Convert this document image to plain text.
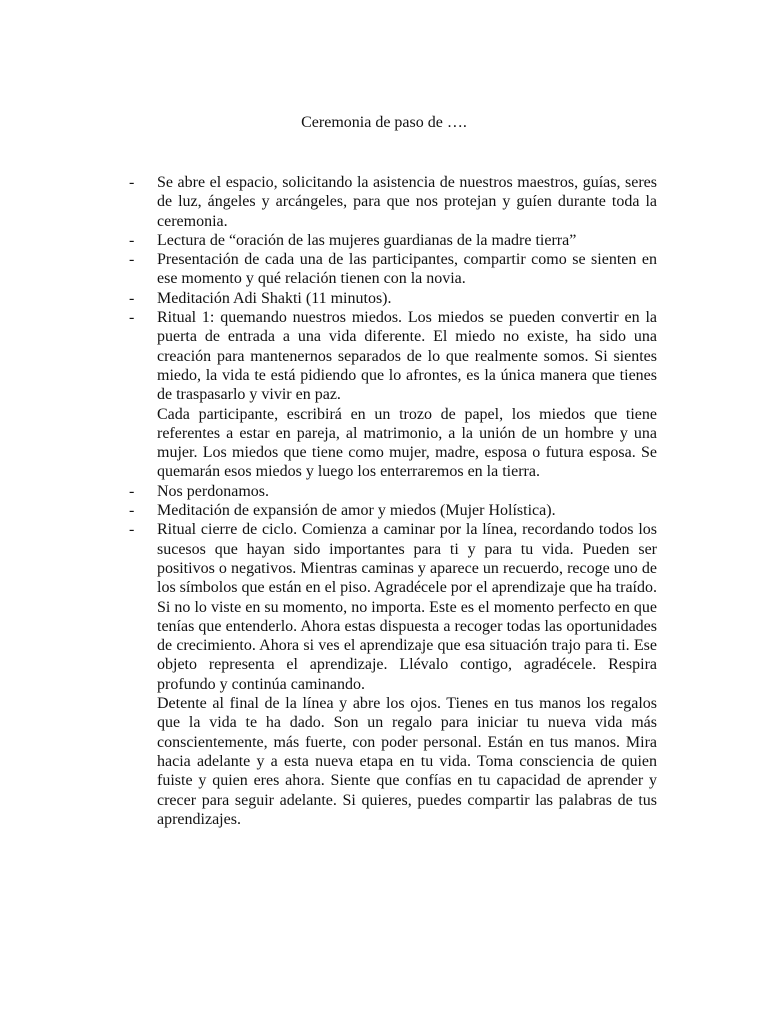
Ceremonia de paso de ….
- Se abre el espacio, solicitando la asistencia de nuestros maestros, guías, seres de luz, ángeles y arcángeles, para que nos protejan y guíen durante toda la ceremonia.

- Lectura de “oración de las mujeres guardianas de la madre tierra”

- Presentación de cada una de las participantes, compartir como se sienten en ese momento y qué relación tienen con la novia.

- Meditación Adi Shakti (11 minutos).

- Ritual 1: quemando nuestros miedos. Los miedos se pueden convertir en la puerta de entrada a una vida diferente. El miedo no existe, ha sido una creación para mantenernos separados de lo que realmente somos. Si sientes miedo, la vida te está pidiendo que lo afrontes, es la única manera que tienes de traspasarlo y vivir en paz.

Cada participante, escribirá en un trozo de papel, los miedos que tiene referentes a estar en pareja, al matrimonio, a la unión de un hombre y una mujer. Los miedos que tiene como mujer, madre, esposa o futura esposa. Se quemarán esos miedos y luego los enterraremos en la tierra.

- Nos perdonamos.

- Meditación de expansión de amor y miedos (Mujer Holística).

- Ritual cierre de ciclo. Comienza a caminar por la línea, recordando todos los sucesos que hayan sido importantes para ti y para tu vida. Pueden ser positivos o negativos. Mientras caminas y aparece un recuerdo, recoge uno de los símbolos que están en el piso. Agradécele por el aprendizaje que ha traído. Si no lo viste en su momento, no importa. Este es el momento perfecto en que tenías que entenderlo. Ahora estas dispuesta a recoger todas las oportunidades de crecimiento. Ahora si ves el aprendizaje que esa situación trajo para ti. Ese objeto representa el aprendizaje. Llévalo contigo, agradécele. Respira profundo y continúa caminando.

Detente al final de la línea y abre los ojos. Tienes en tus manos los regalos que la vida te ha dado. Son un regalo para iniciar tu nueva vida más conscientemente, más fuerte, con poder personal. Están en tus manos. Mira hacia adelante y a esta nueva etapa en tu vida. Toma consciencia de quien fuiste y quien eres ahora. Siente que confías en tu capacidad de aprender y crecer para seguir adelante. Si quieres, puedes compartir las palabras de tus aprendizajes.
